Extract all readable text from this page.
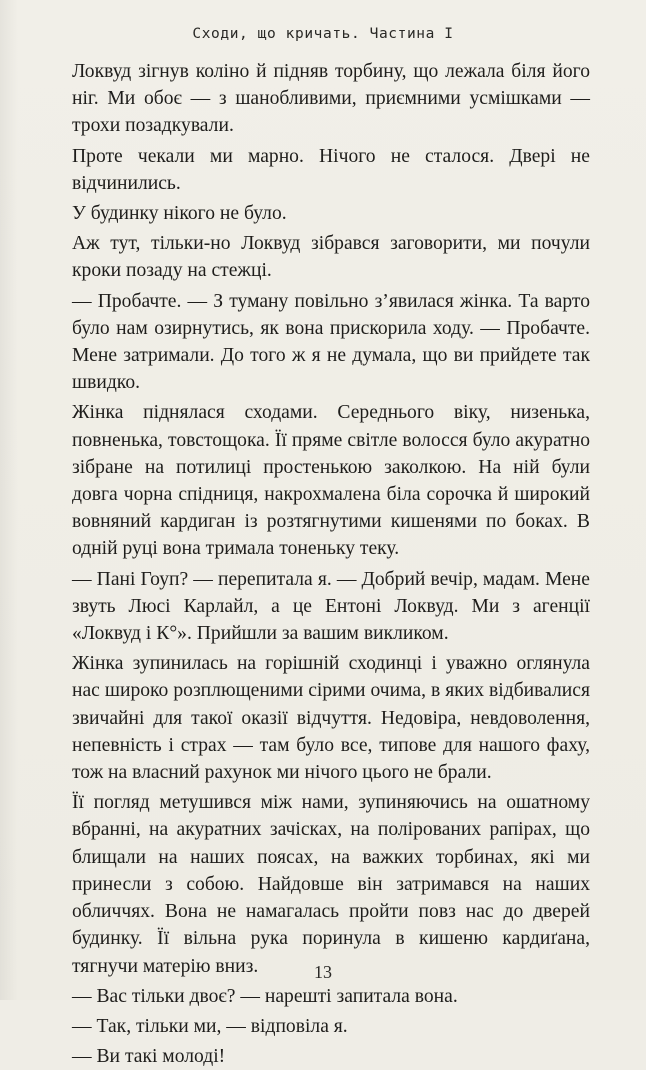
Сходи, що кричать. Частина І

Локвуд зігнув коліно й підняв торбину, що лежала біля його ніг. Ми обоє — з шанобливими, приємними усмішками — трохи позадкували.

Проте чекали ми марно. Нічого не сталося. Двері не відчинились.

У будинку нікого не було.

Аж тут, тільки-но Локвуд зібрався заговорити, ми почули кроки позаду на стежці.

— Пробачте. — З туману повільно з’явилася жінка. Та варто було нам озирнутись, як вона прискорила ходу. — Пробачте. Мене затримали. До того ж я не думала, що ви прийдете так швидко.

Жінка піднялася сходами. Середнього віку, низенька, повненька, товстощока. Її пряме світле волосся було акуратно зібране на потилиці простенькою заколкою. На ній були довга чорна спідниця, накрохмалена біла сорочка й широкий вовняний кардиган із розтягнутими кишенями по боках. В одній руці вона тримала тоненьку теку.

— Пані Гоуп? — перепитала я. — Добрий вечір, мадам. Мене звуть Люсі Карлайл, а це Ентоні Локвуд. Ми з агенції «Локвуд і К°». Прийшли за вашим викликом.

Жінка зупинилась на горішній сходинці і уважно оглянула нас широко розплющеними сірими очима, в яких відбивалися звичайні для такої оказії відчуття. Недовіра, невдоволення, непевність і страх — там було все, типове для нашого фаху, тож на власний рахунок ми нічого цього не брали.

Її погляд метушився між нами, зупиняючись на ошатному вбранні, на акуратних зачісках, на полірованих рапірах, що блищали на наших поясах, на важких торбинах, які ми принесли з собою. Найдовше він затримався на наших обличчях. Вона не намагалась пройти повз нас до дверей будинку. Її вільна рука поринула в кишеню кардиґана, тягнучи матерію вниз.

— Вас тільки двоє? — нарешті запитала вона.

— Так, тільки ми, — відповіла я.

— Ви такі молоді!

13
